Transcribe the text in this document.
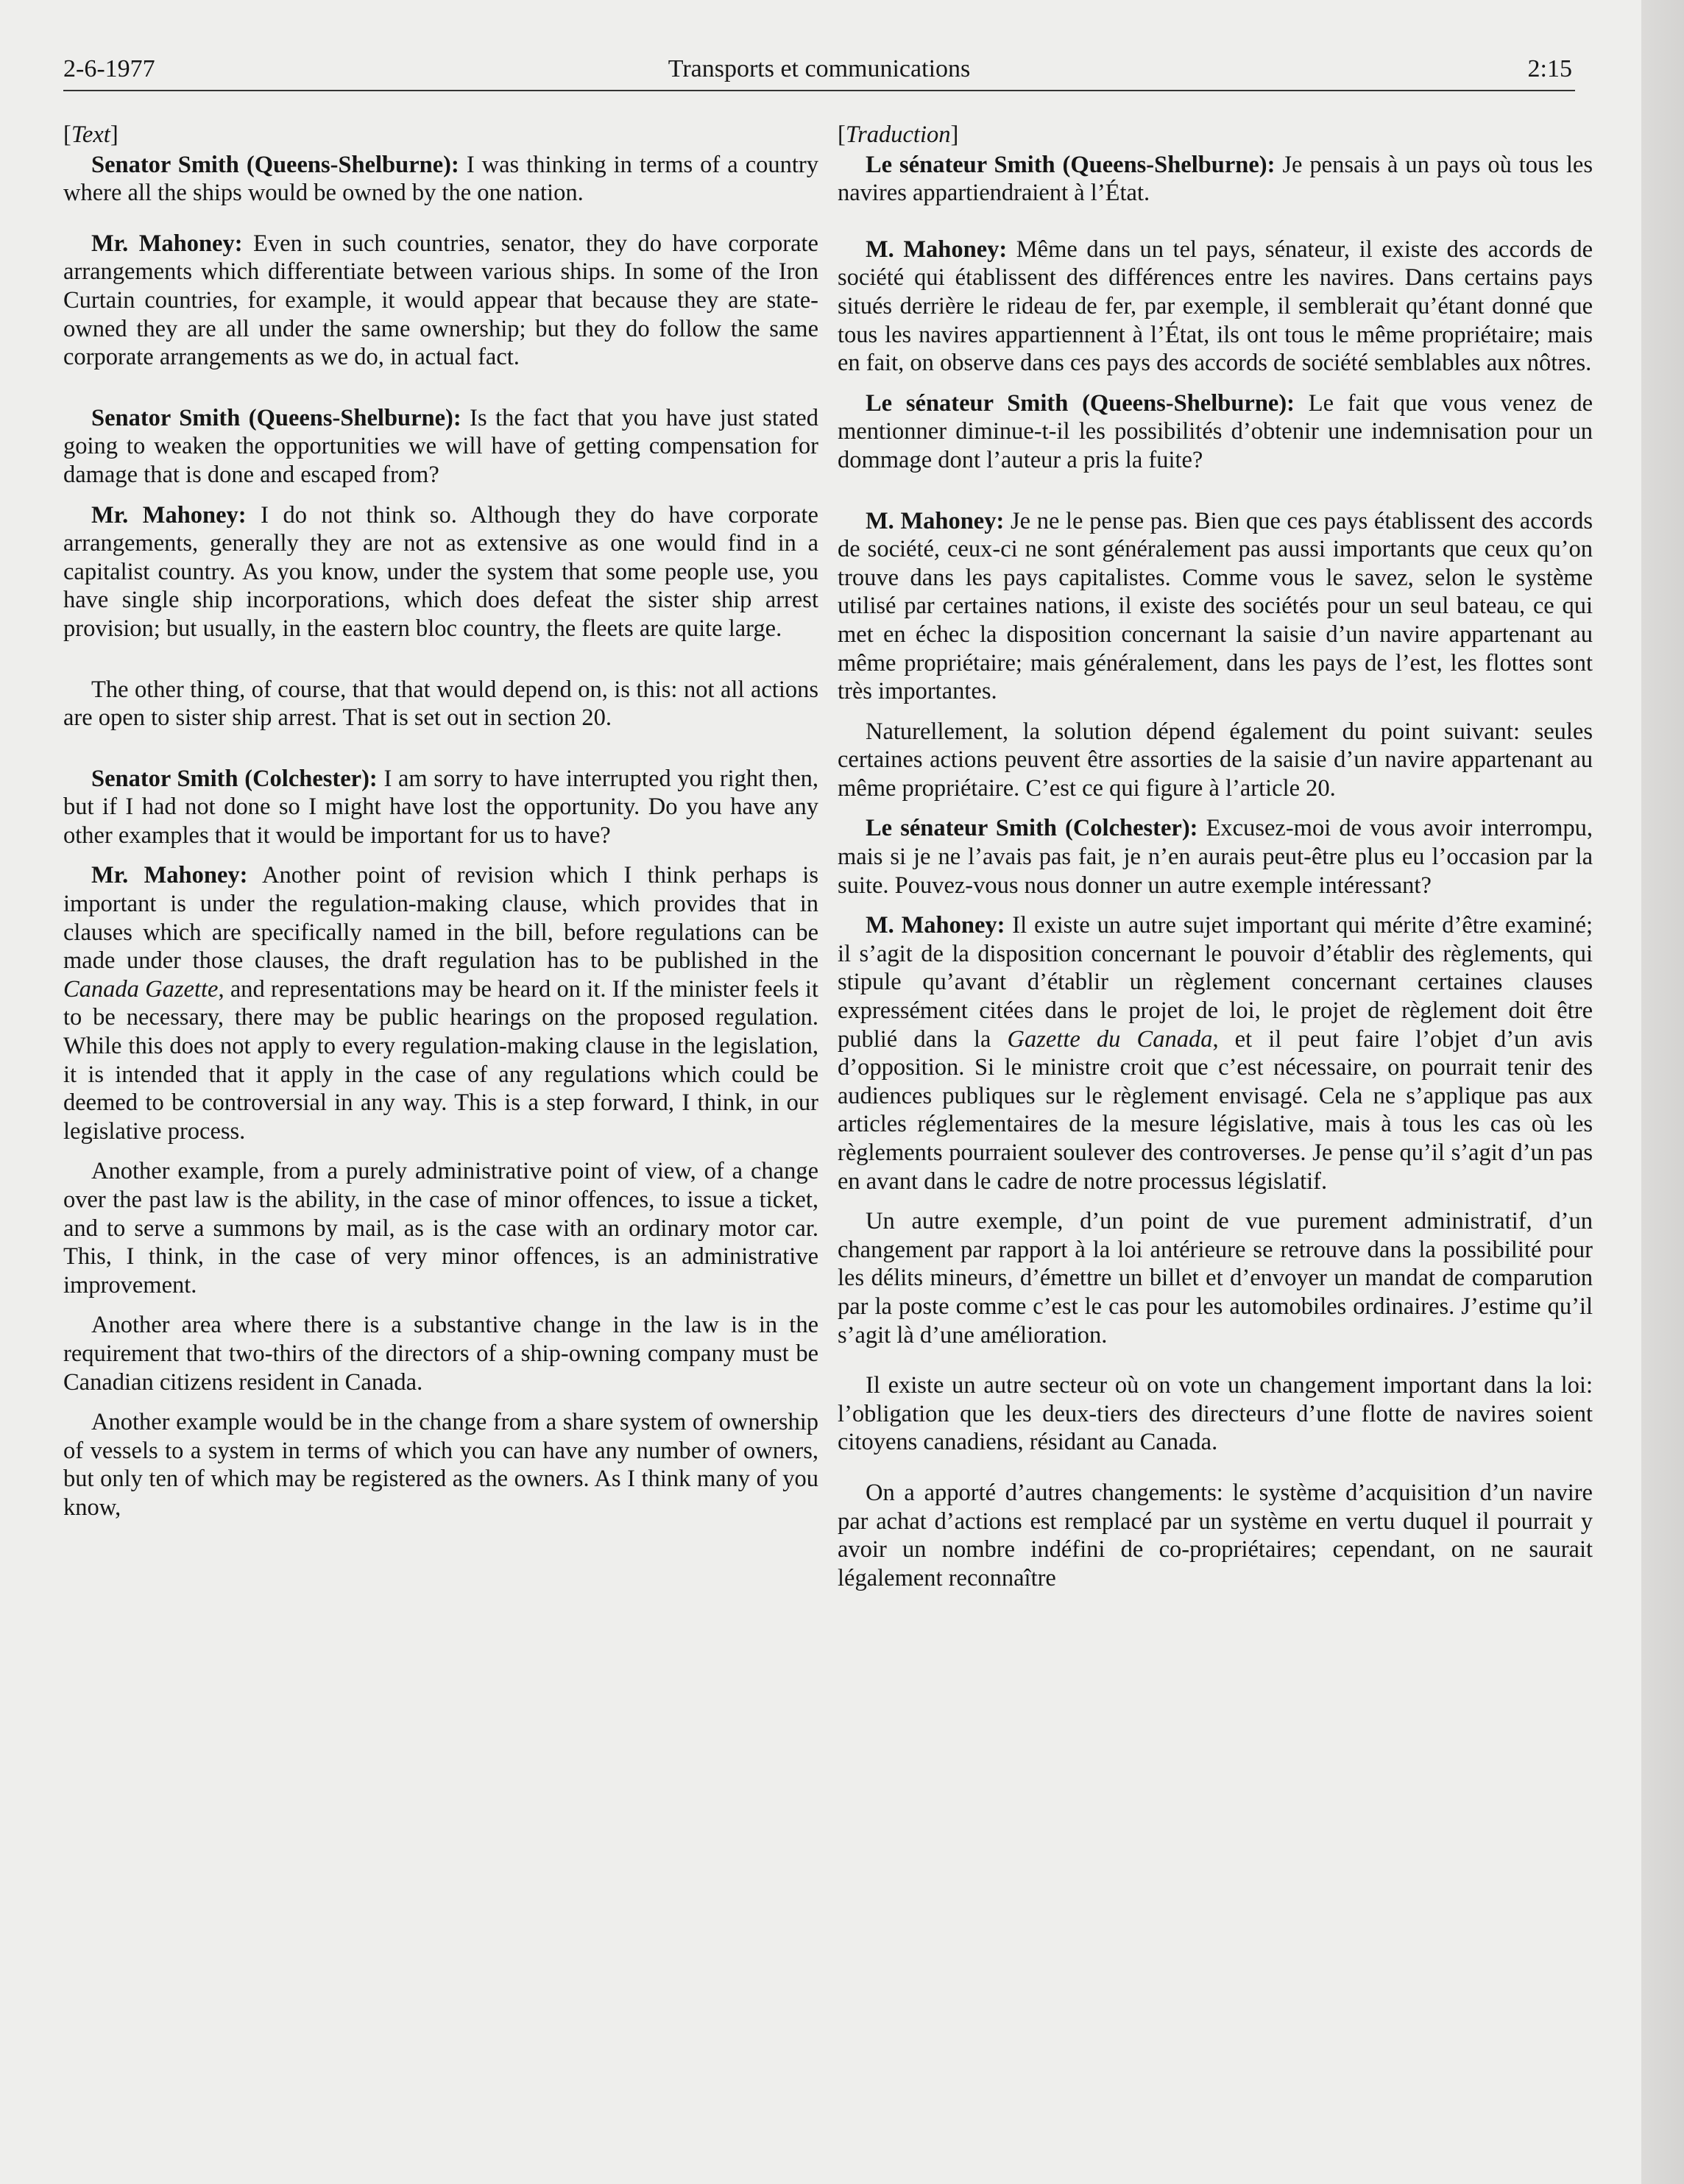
2-6-1977	Transports et communications	2:15

[Text]

Senator Smith (Queens-Shelburne): I was thinking in terms of a country where all the ships would be owned by the one nation.

Mr. Mahoney: Even in such countries, senator, they do have corporate arrangements which differentiate between various ships. In some of the Iron Curtain countries, for example, it would appear that because they are state-owned they are all under the same ownership; but they do follow the same corporate arrangements as we do, in actual fact.

Senator Smith (Queens-Shelburne): Is the fact that you have just stated going to weaken the opportunities we will have of getting compensation for damage that is done and escaped from?

Mr. Mahoney: I do not think so. Although they do have corporate arrangements, generally they are not as extensive as one would find in a capitalist country. As you know, under the system that some people use, you have single ship incorporations, which does defeat the sister ship arrest provision; but usually, in the eastern bloc country, the fleets are quite large.

The other thing, of course, that that would depend on, is this: not all actions are open to sister ship arrest. That is set out in section 20.

Senator Smith (Colchester): I am sorry to have interrupted you right then, but if I had not done so I might have lost the opportunity. Do you have any other examples that it would be important for us to have?

Mr. Mahoney: Another point of revision which I think perhaps is important is under the regulation-making clause, which provides that in clauses which are specifically named in the bill, before regulations can be made under those clauses, the draft regulation has to be published in the Canada Gazette, and representations may be heard on it. If the minister feels it to be necessary, there may be public hearings on the proposed regulation. While this does not apply to every regulation-making clause in the legislation, it is intended that it apply in the case of any regulations which could be deemed to be controversial in any way. This is a step forward, I think, in our legislative process.

Another example, from a purely administrative point of view, of a change over the past law is the ability, in the case of minor offences, to issue a ticket, and to serve a summons by mail, as is the case with an ordinary motor car. This, I think, in the case of very minor offences, is an administrative improvement.

Another area where there is a substantive change in the law is in the requirement that two-thirs of the directors of a ship-owning company must be Canadian citizens resident in Canada.

Another example would be in the change from a share system of ownership of vessels to a system in terms of which you can have any number of owners, but only ten of which may be registered as the owners. As I think many of you know,

[Traduction]

Le sénateur Smith (Queens-Shelburne): Je pensais à un pays où tous les navires appartiendraient à l’État.

M. Mahoney: Même dans un tel pays, sénateur, il existe des accords de société qui établissent des différences entre les navires. Dans certains pays situés derrière le rideau de fer, par exemple, il semblerait qu’étant donné que tous les navires appartiennent à l’État, ils ont tous le même propriétaire; mais en fait, on observe dans ces pays des accords de société semblables aux nôtres.

Le sénateur Smith (Queens-Shelburne): Le fait que vous venez de mentionner diminue-t-il les possibilités d’obtenir une indemnisation pour un dommage dont l’auteur a pris la fuite?

M. Mahoney: Je ne le pense pas. Bien que ces pays établissent des accords de société, ceux-ci ne sont généralement pas aussi importants que ceux qu’on trouve dans les pays capitalistes. Comme vous le savez, selon le système utilisé par certaines nations, il existe des sociétés pour un seul bateau, ce qui met en échec la disposition concernant la saisie d’un navire appartenant au même propriétaire; mais généralement, dans les pays de l’est, les flottes sont très importantes.

Naturellement, la solution dépend également du point suivant: seules certaines actions peuvent être assorties de la saisie d’un navire appartenant au même propriétaire. C’est ce qui figure à l’article 20.

Le sénateur Smith (Colchester): Excusez-moi de vous avoir interrompu, mais si je ne l’avais pas fait, je n’en aurais peut-être plus eu l’occasion par la suite. Pouvez-vous nous donner un autre exemple intéressant?

M. Mahoney: Il existe un autre sujet important qui mérite d’être examiné; il s’agit de la disposition concernant le pouvoir d’établir des règlements, qui stipule qu’avant d’établir un règlement concernant certaines clauses expressément citées dans le projet de loi, le projet de règlement doit être publié dans la Gazette du Canada, et il peut faire l’objet d’un avis d’opposition. Si le ministre croit que c’est nécessaire, on pourrait tenir des audiences publiques sur le règlement envisagé. Cela ne s’applique pas aux articles réglementaires de la mesure législative, mais à tous les cas où les règlements pourraient soulever des controverses. Je pense qu’il s’agit d’un pas en avant dans le cadre de notre processus législatif.

Un autre exemple, d’un point de vue purement administratif, d’un changement par rapport à la loi antérieure se retrouve dans la possibilité pour les délits mineurs, d’émettre un billet et d’envoyer un mandat de comparution par la poste comme c’est le cas pour les automobiles ordinaires. J’estime qu’il s’agit là d’une amélioration.

Il existe un autre secteur où on vote un changement important dans la loi: l’obligation que les deux-tiers des directeurs d’une flotte de navires soient citoyens canadiens, résidant au Canada.

On a apporté d’autres changements: le système d’acquisition d’un navire par achat d’actions est remplacé par un système en vertu duquel il pourrait y avoir un nombre indéfini de co-propriétaires; cependant, on ne saurait légalement reconnaître
